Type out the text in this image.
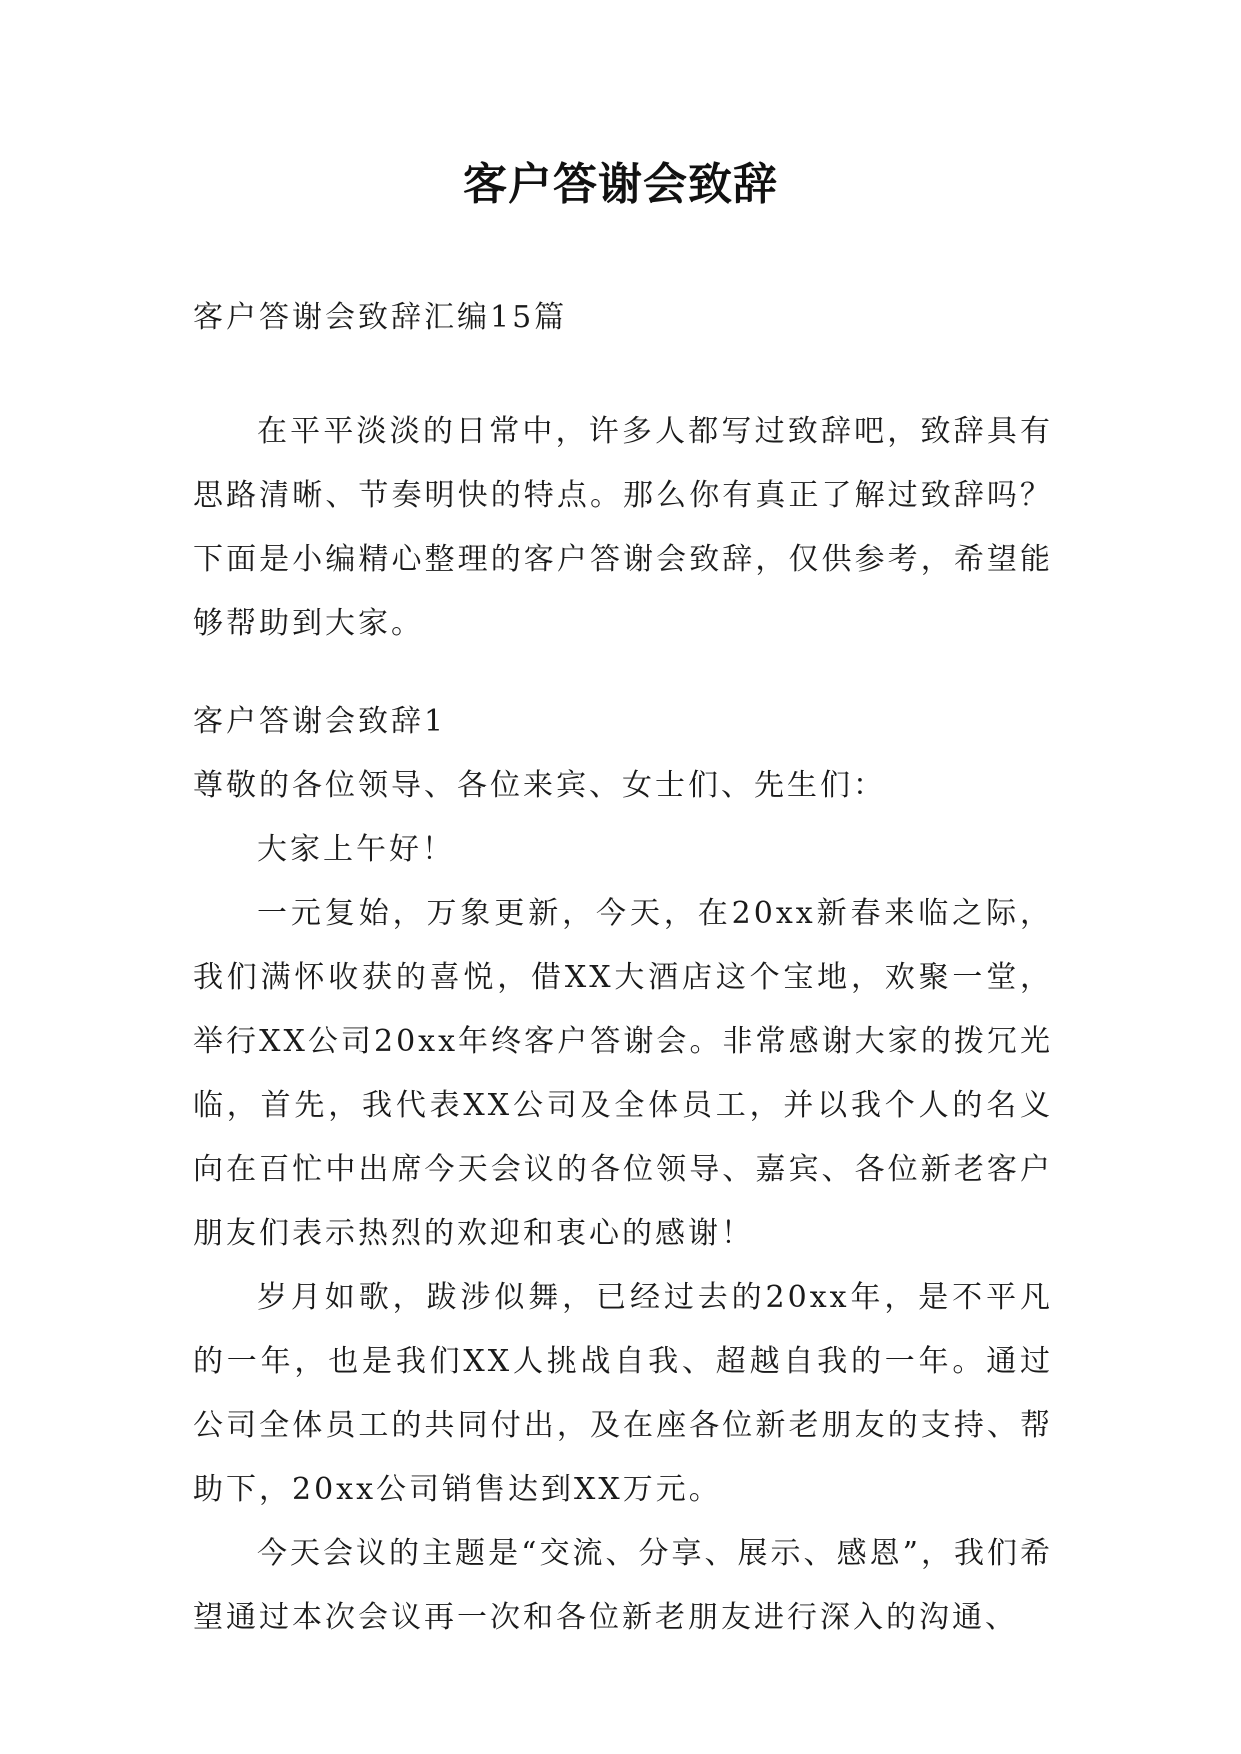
客户答谢会致辞
客户答谢会致辞汇编15篇

在平平淡淡的日常中，许多人都写过致辞吧，致辞具有思路清晰、节奏明快的特点。那么你有真正了解过致辞吗？下面是小编精心整理的客户答谢会致辞，仅供参考，希望能够帮助到大家。

客户答谢会致辞1

尊敬的各位领导、各位来宾、女士们、先生们：

大家上午好！

一元复始，万象更新，今天，在20xx新春来临之际，我们满怀收获的喜悦，借XX大酒店这个宝地，欢聚一堂，举行XX公司20xx年终客户答谢会。非常感谢大家的拨冗光临，首先，我代表XX公司及全体员工，并以我个人的名义向在百忙中出席今天会议的各位领导、嘉宾、各位新老客户朋友们表示热烈的欢迎和衷心的感谢！

岁月如歌，跋涉似舞，已经过去的20xx年，是不平凡的一年，也是我们XX人挑战自我、超越自我的一年。通过公司全体员工的共同付出，及在座各位新老朋友的支持、帮助下，20xx公司销售达到XX万元。

今天会议的主题是“交流、分享、展示、感恩”，我们希望通过本次会议再一次和各位新老朋友进行深入的沟通、
